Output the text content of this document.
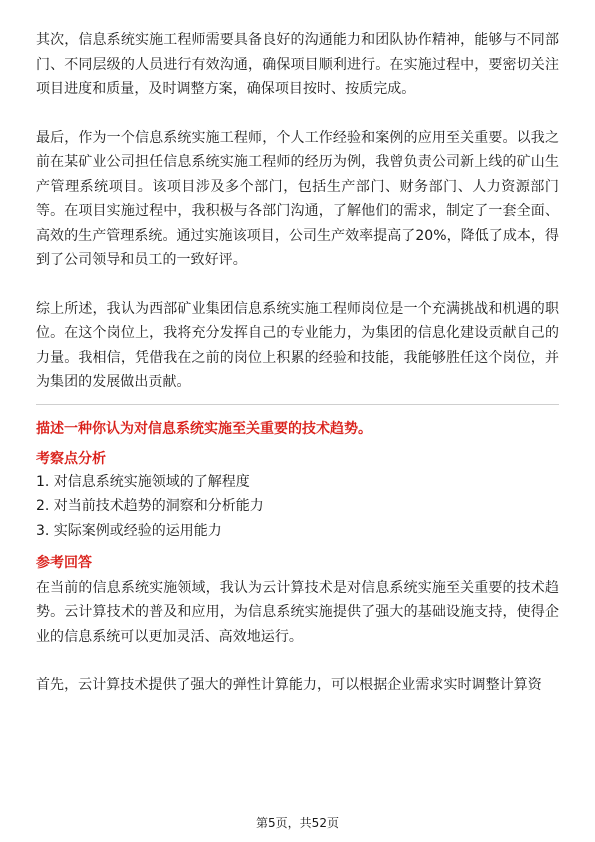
其次，信息系统实施工程师需要具备良好的沟通能力和团队协作精神，能够与不同部门、不同层级的人员进行有效沟通，确保项目顺利进行。在实施过程中，要密切关注项目进度和质量，及时调整方案，确保项目按时、按质完成。

最后，作为一个信息系统实施工程师，个人工作经验和案例的应用至关重要。以我之前在某矿业公司担任信息系统实施工程师的经历为例，我曾负责公司新上线的矿山生产管理系统项目。该项目涉及多个部门，包括生产部门、财务部门、人力资源部门等。在项目实施过程中，我积极与各部门沟通，了解他们的需求，制定了一套全面、高效的生产管理系统。通过实施该项目，公司生产效率提高了20%，降低了成本，得到了公司领导和员工的一致好评。

综上所述，我认为西部矿业集团信息系统实施工程师岗位是一个充满挑战和机遇的职位。在这个岗位上，我将充分发挥自己的专业能力，为集团的信息化建设贡献自己的力量。我相信，凭借我在之前的岗位上积累的经验和技能，我能够胜任这个岗位，并为集团的发展做出贡献。

描述一种你认为对信息系统实施至关重要的技术趋势。

考察点分析

1. 对信息系统实施领域的了解程度

2. 对当前技术趋势的洞察和分析能力

3. 实际案例或经验的运用能力

参考回答

在当前的信息系统实施领域，我认为云计算技术是对信息系统实施至关重要的技术趋势。云计算技术的普及和应用，为信息系统实施提供了强大的基础设施支持，使得企业的信息系统可以更加灵活、高效地运行。

首先，云计算技术提供了强大的弹性计算能力，可以根据企业需求实时调整计算资

第5页，共52页
